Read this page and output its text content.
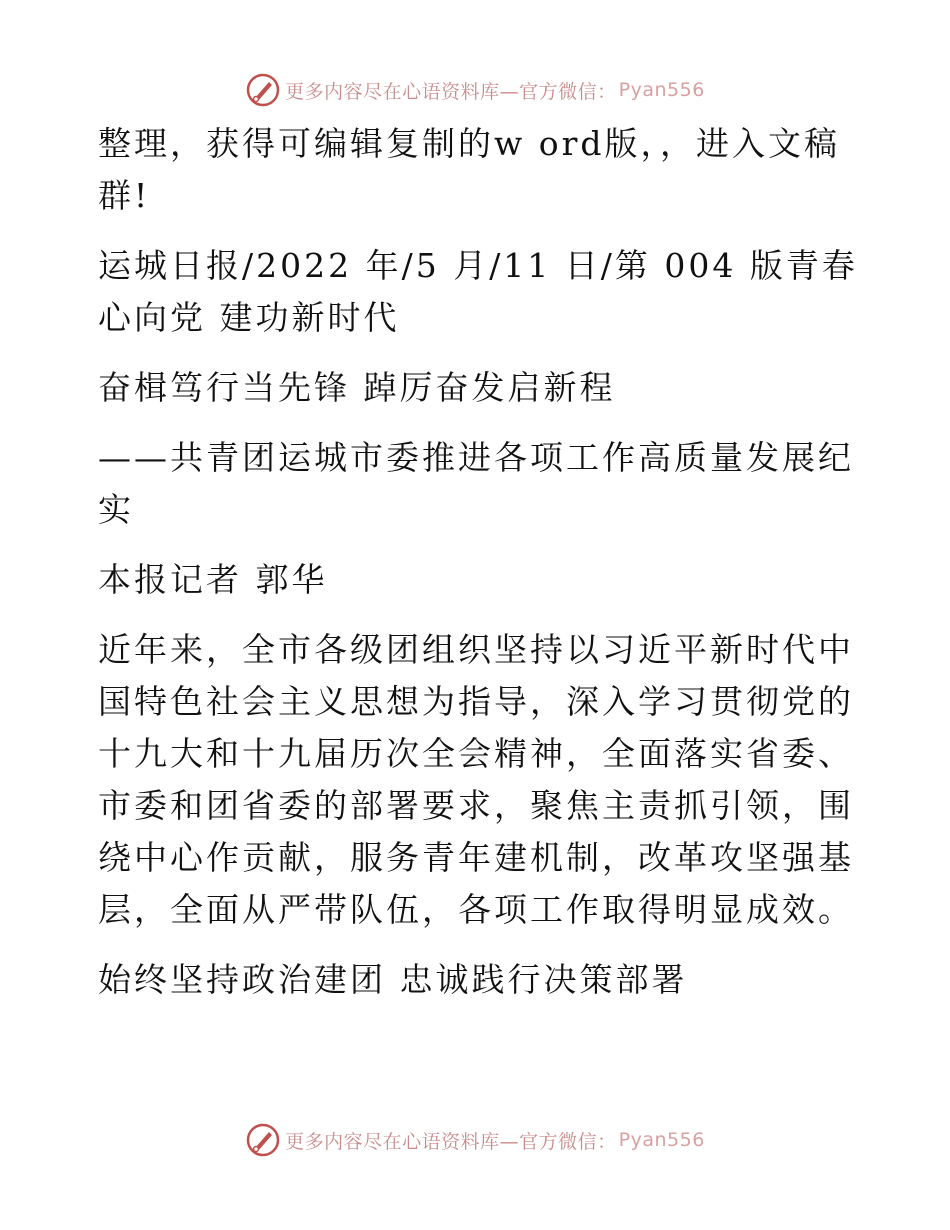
更多内容尽在心语资料库—官方微信： Pyan556

整理，获得可编辑复制的w ord版，，进入文稿群!

运城日报/2022 年/5 月/11 日/第 004 版青春心向党 建功新时代

奋楫笃行当先锋 踔厉奋发启新程

——共青团运城市委推进各项工作高质量发展纪实

本报记者 郭华

近年来，全市各级团组织坚持以习近平新时代中国特色社会主义思想为指导，深入学习贯彻党的十九大和十九届历次全会精神，全面落实省委、市委和团省委的部署要求，聚焦主责抓引领，围绕中心作贡献，服务青年建机制，改革攻坚强基层，全面从严带队伍，各项工作取得明显成效。

始终坚持政治建团 忠诚践行决策部署

更多内容尽在心语资料库—官方微信： Pyan556
